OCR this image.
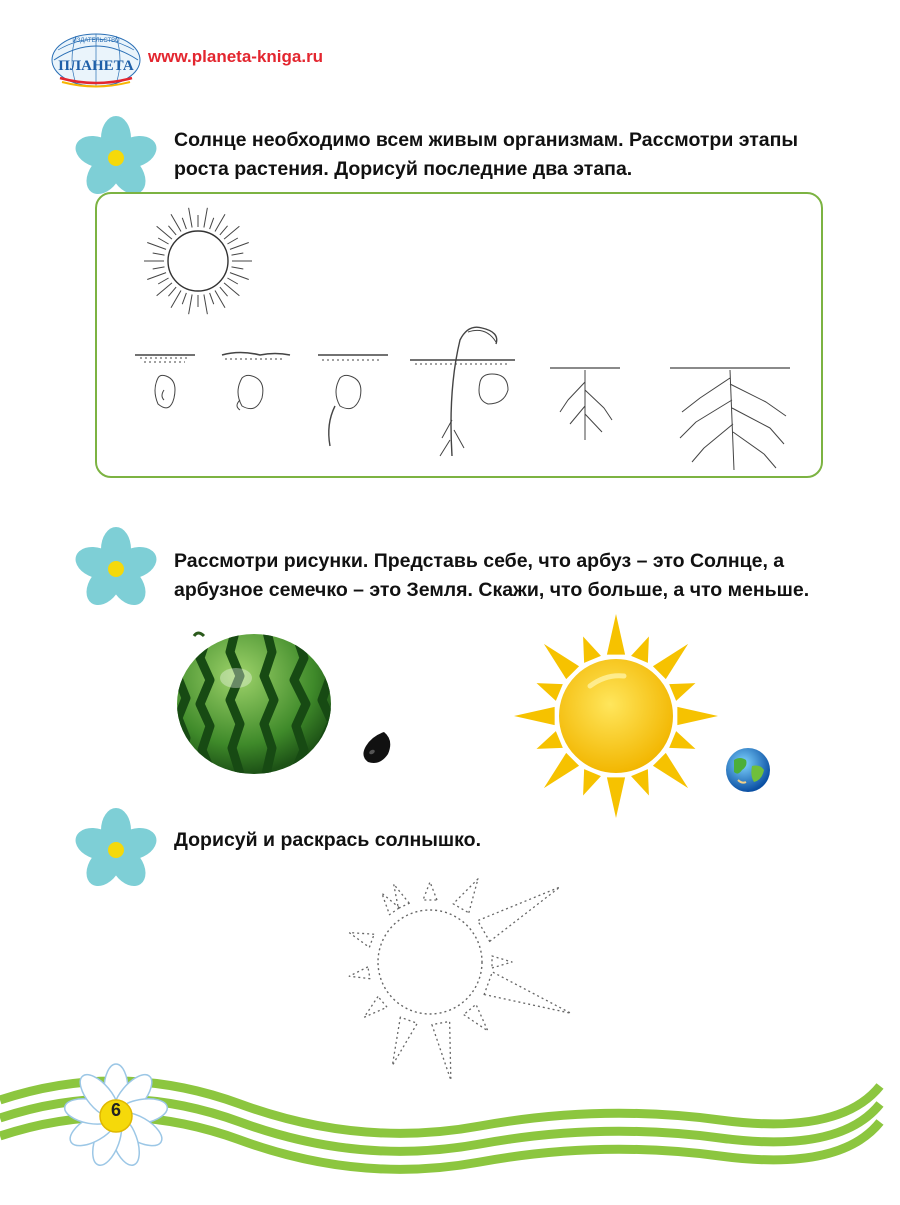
ИЗДАТЕЛЬСТВО
ПЛАНЕТА www.planeta-kniga.ru
Солнце необходимо всем живым организмам. Рассмотри этапы
роста растения. Дорисуй последние два этапа.
Рассмотри рисунки. Представь себе, что арбуз – это Солнце, а
арбузное семечко – это Земля. Скажи, что больше, а что меньше.
Дорисуй и раскрась солнышко.
6
